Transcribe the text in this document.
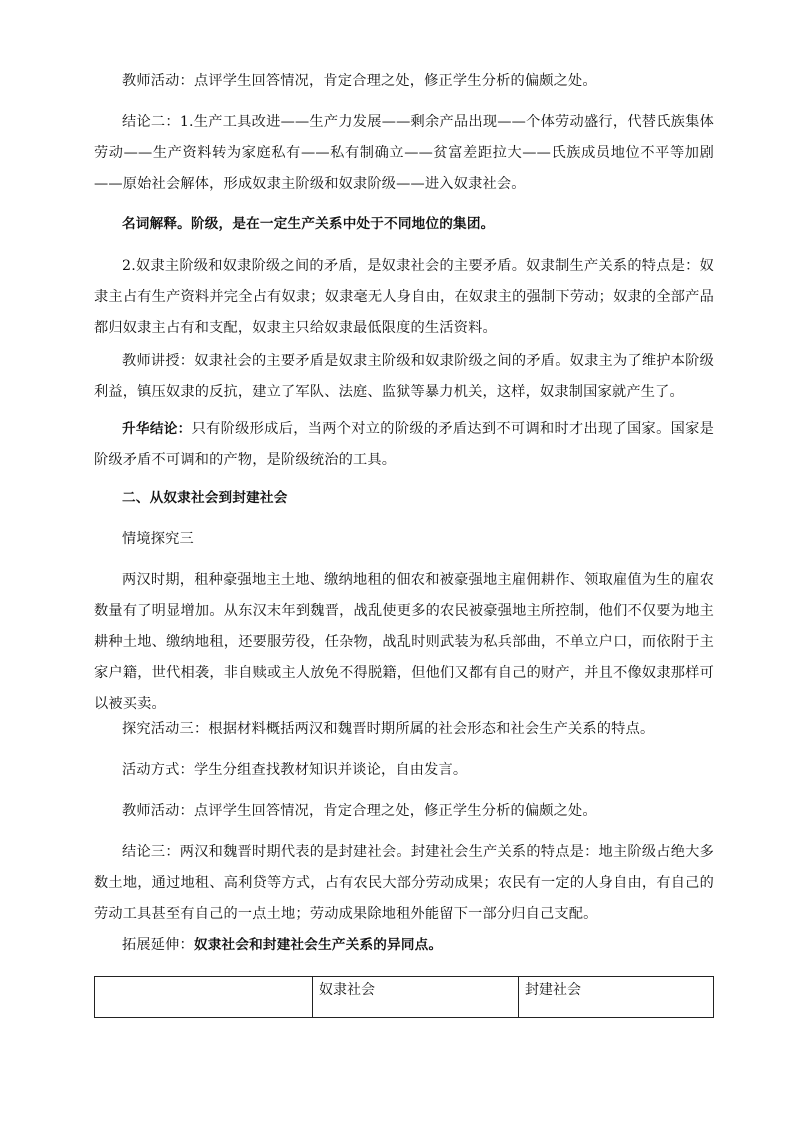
教师活动：点评学生回答情况，肯定合理之处，修正学生分析的偏颇之处。

结论二：1.生产工具改进——生产力发展——剩余产品出现——个体劳动盛行，代替氏族集体劳动——生产资料转为家庭私有——私有制确立——贫富差距拉大——氏族成员地位不平等加剧——原始社会解体，形成奴隶主阶级和奴隶阶级——进入奴隶社会。

名词解释。阶级，是在一定生产关系中处于不同地位的集团。

2.奴隶主阶级和奴隶阶级之间的矛盾，是奴隶社会的主要矛盾。奴隶制生产关系的特点是：奴隶主占有生产资料并完全占有奴隶；奴隶毫无人身自由，在奴隶主的强制下劳动；奴隶的全部产品都归奴隶主占有和支配，奴隶主只给奴隶最低限度的生活资料。

教师讲授：奴隶社会的主要矛盾是奴隶主阶级和奴隶阶级之间的矛盾。奴隶主为了维护本阶级利益，镇压奴隶的反抗，建立了军队、法庭、监狱等暴力机关，这样，奴隶制国家就产生了。

升华结论：只有阶级形成后，当两个对立的阶级的矛盾达到不可调和时才出现了国家。国家是阶级矛盾不可调和的产物，是阶级统治的工具。

二、从奴隶社会到封建社会

情境探究三

两汉时期，租种豪强地主土地、缴纳地租的佃农和被豪强地主雇佣耕作、领取雇值为生的雇农数量有了明显增加。从东汉末年到魏晋，战乱使更多的农民被豪强地主所控制，他们不仅要为地主耕种土地、缴纳地租，还要服劳役，任杂物，战乱时则武装为私兵部曲，不单立户口，而依附于主家户籍，世代相袭，非自赎或主人放免不得脱籍，但他们又都有自己的财产，并且不像奴隶那样可以被买卖。

探究活动三：根据材料概括两汉和魏晋时期所属的社会形态和社会生产关系的特点。

活动方式：学生分组查找教材知识并谈论，自由发言。

教师活动：点评学生回答情况，肯定合理之处，修正学生分析的偏颇之处。

结论三：两汉和魏晋时期代表的是封建社会。封建社会生产关系的特点是：地主阶级占绝大多数土地，通过地租、高利贷等方式，占有农民大部分劳动成果；农民有一定的人身自由，有自己的劳动工具甚至有自己的一点土地；劳动成果除地租外能留下一部分归自己支配。

拓展延伸：奴隶社会和封建社会生产关系的异同点。

	奴隶社会	封建社会
